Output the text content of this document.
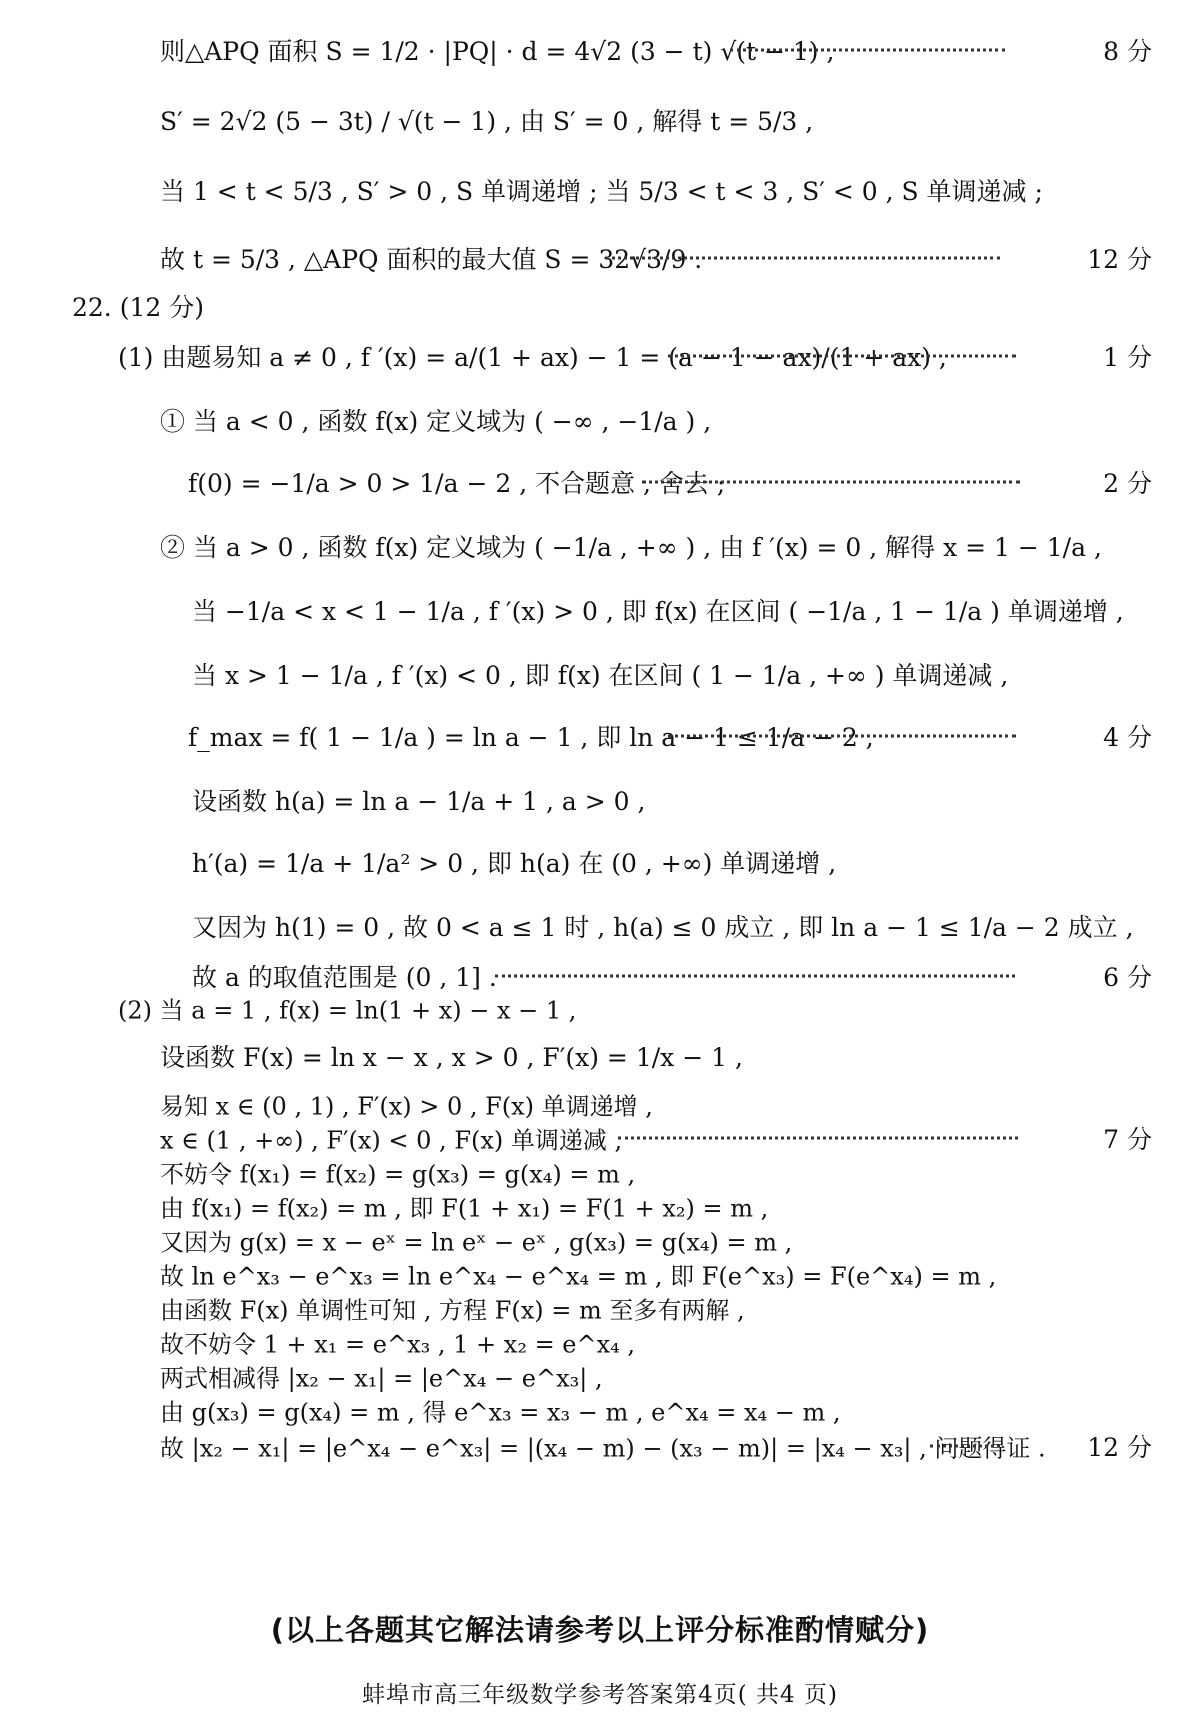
则△APQ 面积 S = 1/2 · |PQ| · d = 4√2 (3 − t) √(t − 1) ,	8 分
S′ = 2√2 (5 − 3t) / √(t − 1) , 由 S′ = 0 , 解得 t = 5/3 ,
当 1 < t < 5/3 , S′ > 0 , S 单调递增 ; 当 5/3 < t < 3 , S′ < 0 , S 单调递减 ;
故 t = 5/3 , △APQ 面积的最大值 S = 32√3/9 .	12 分
22. (12 分)
(1) 由题易知 a ≠ 0 , f ′(x) = a/(1 + ax) − 1 = (a − 1 − ax)/(1 + ax) ,	1 分
① 当 a < 0 , 函数 f(x) 定义域为 ( −∞ , −1/a ) ,
f(0) = −1/a > 0 > 1/a − 2 , 不合题意 , 舍去 ;	2 分
② 当 a > 0 , 函数 f(x) 定义域为 ( −1/a , +∞ ) , 由 f ′(x) = 0 , 解得 x = 1 − 1/a ,
当 −1/a < x < 1 − 1/a , f ′(x) > 0 , 即 f(x) 在区间 ( −1/a , 1 − 1/a ) 单调递增 ,
当 x > 1 − 1/a , f ′(x) < 0 , 即 f(x) 在区间 ( 1 − 1/a , +∞ ) 单调递减 ,
f_max = f( 1 − 1/a ) = ln a − 1 , 即 ln a − 1 ≤ 1/a − 2 ,	4 分
设函数 h(a) = ln a − 1/a + 1 , a > 0 ,
h′(a) = 1/a + 1/a² > 0 , 即 h(a) 在 (0 , +∞) 单调递增 ,
又因为 h(1) = 0 , 故 0 < a ≤ 1 时 , h(a) ≤ 0 成立 , 即 ln a − 1 ≤ 1/a − 2 成立 ,
故 a 的取值范围是 (0 , 1] .	6 分
(2) 当 a = 1 , f(x) = ln(1 + x) − x − 1 ,
设函数 F(x) = ln x − x , x > 0 , F′(x) = 1/x − 1 ,
易知 x ∈ (0 , 1) , F′(x) > 0 , F(x) 单调递增 ,
x ∈ (1 , +∞) , F′(x) < 0 , F(x) 单调递减 ,	7 分
不妨令 f(x₁) = f(x₂) = g(x₃) = g(x₄) = m ,
由 f(x₁) = f(x₂) = m , 即 F(1 + x₁) = F(1 + x₂) = m ,
又因为 g(x) = x − eˣ = ln eˣ − eˣ , g(x₃) = g(x₄) = m ,
故 ln e^x₃ − e^x₃ = ln e^x₄ − e^x₄ = m , 即 F(e^x₃) = F(e^x₄) = m ,
由函数 F(x) 单调性可知 , 方程 F(x) = m 至多有两解 ,
故不妨令 1 + x₁ = e^x₃ , 1 + x₂ = e^x₄ ,
两式相减得 |x₂ − x₁| = |e^x₄ − e^x₃| ,
由 g(x₃) = g(x₄) = m , 得 e^x₃ = x₃ − m , e^x₄ = x₄ − m ,
故 |x₂ − x₁| = |e^x₄ − e^x₃| = |(x₄ − m) − (x₃ − m)| = |x₄ − x₃| , 问题得证 . 12 分
(以上各题其它解法请参考以上评分标准酌情赋分)
蚌埠市高三年级数学参考答案第4页( 共4 页)
